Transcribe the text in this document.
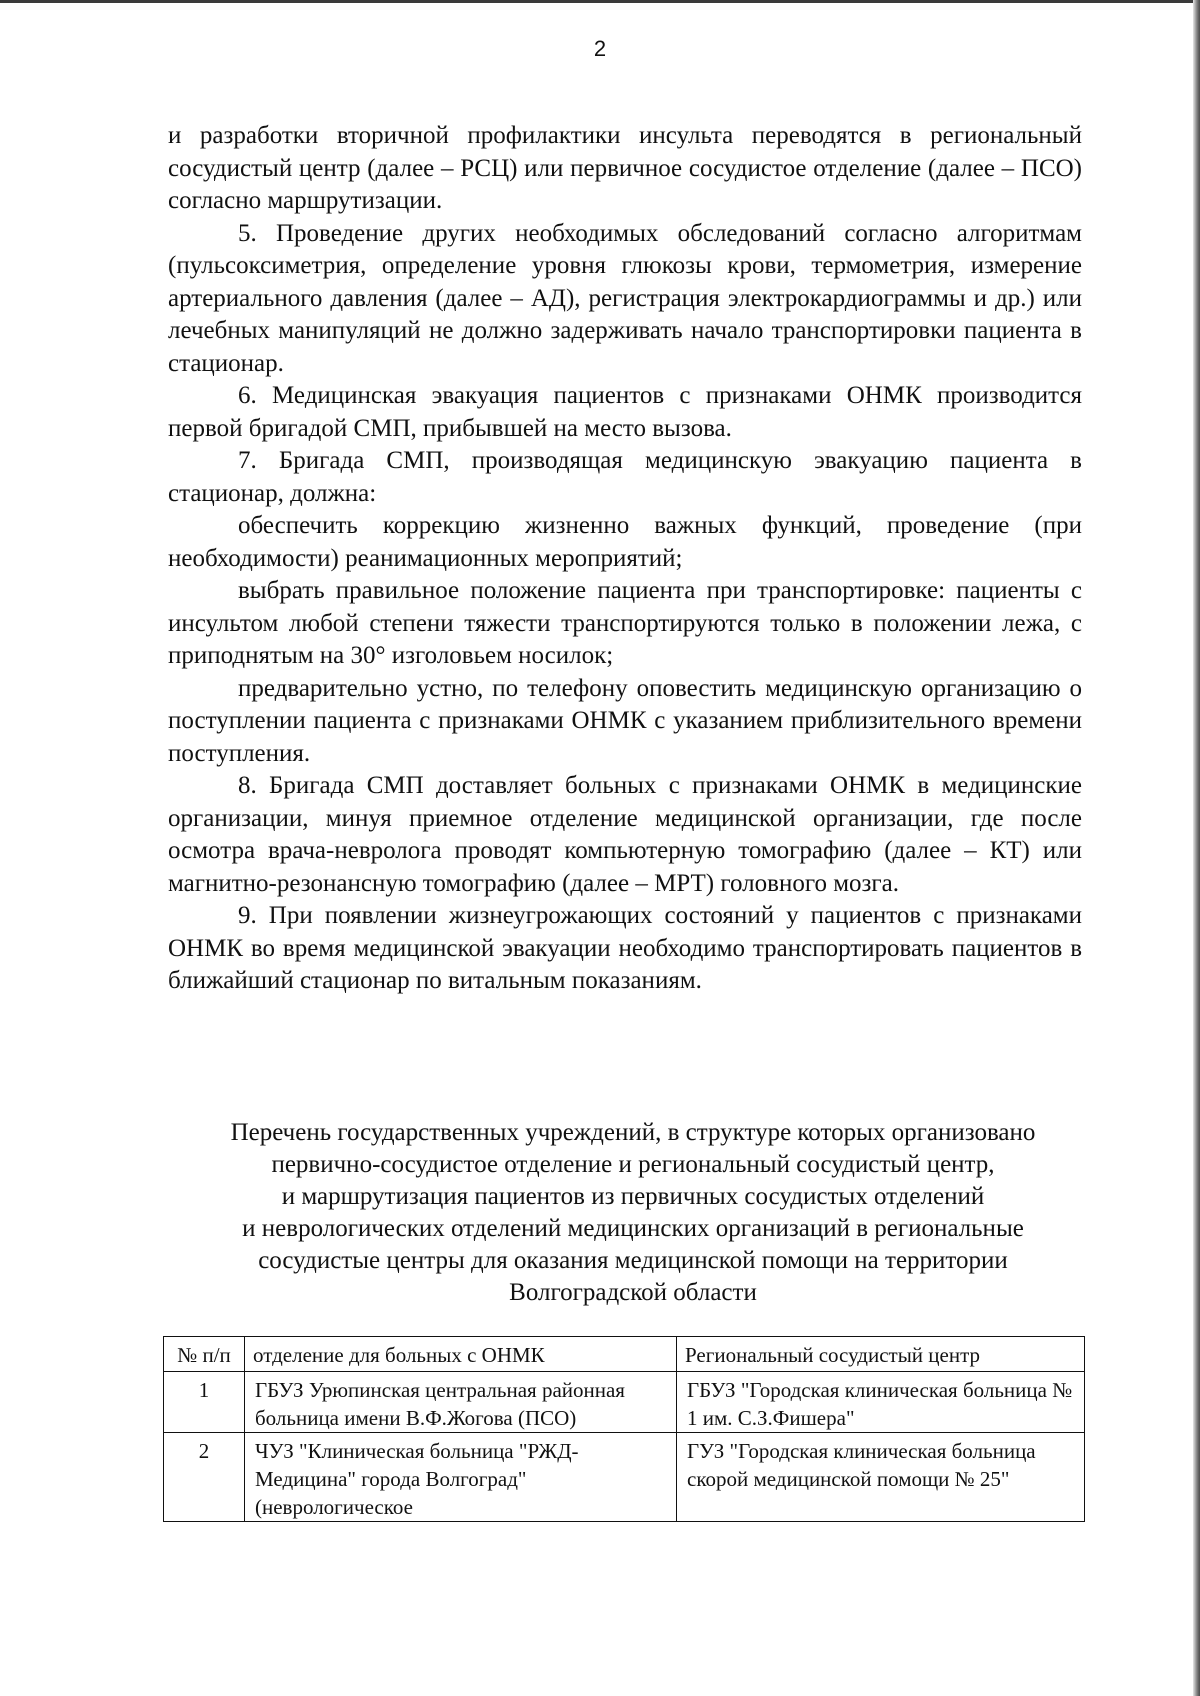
2

и разработки вторичной профилактики инсульта переводятся в региональный сосудистый центр (далее – РСЦ) или первичное сосудистое отделение (далее – ПСО) согласно маршрутизации.

5. Проведение других необходимых обследований согласно алгоритмам (пульсоксиметрия, определение уровня глюкозы крови, термометрия, измерение артериального давления (далее – АД), регистрация электрокардиограммы и др.) или лечебных манипуляций не должно задерживать начало транспортировки пациента в стационар.

6. Медицинская эвакуация пациентов с признаками ОНМК производится первой бригадой СМП, прибывшей на место вызова.

7. Бригада СМП, производящая медицинскую эвакуацию пациента в стационар, должна:

обеспечить коррекцию жизненно важных функций, проведение (при необходимости) реанимационных мероприятий;

выбрать правильное положение пациента при транспортировке: пациенты с инсультом любой степени тяжести транспортируются только в положении лежа, с приподнятым на 30° изголовьем носилок;

предварительно устно, по телефону оповестить медицинскую организацию о поступлении пациента с признаками ОНМК с указанием приблизительного времени поступления.

8. Бригада СМП доставляет больных с признаками ОНМК в медицинские организации, минуя приемное отделение медицинской организации, где после осмотра врача-невролога проводят компьютерную томографию (далее – КТ) или магнитно-резонансную томографию (далее – МРТ) головного мозга.

9. При появлении жизнеугрожающих состояний у пациентов с признаками ОНМК во время медицинской эвакуации необходимо транспортировать пациентов в ближайший стационар по витальным показаниям.

Перечень государственных учреждений, в структуре которых организовано
первично-сосудистое отделение и региональный сосудистый центр,
и маршрутизация пациентов из первичных сосудистых отделений
и неврологических отделений медицинских организаций в региональные
сосудистые центры для оказания медицинской помощи на территории
Волгоградской области
№ п/п	отделение для больных с ОНМК	Региональный сосудистый центр
1	ГБУЗ Урюпинская центральная районная больница имени В.Ф.Жогова (ПСО)	ГБУЗ "Городская клиническая больница № 1 им. С.З.Фишера"
2	ЧУЗ "Клиническая больница "РЖД-Медицина" города Волгоград" (неврологическое	ГУЗ "Городская клиническая больница скорой медицинской помощи № 25"
